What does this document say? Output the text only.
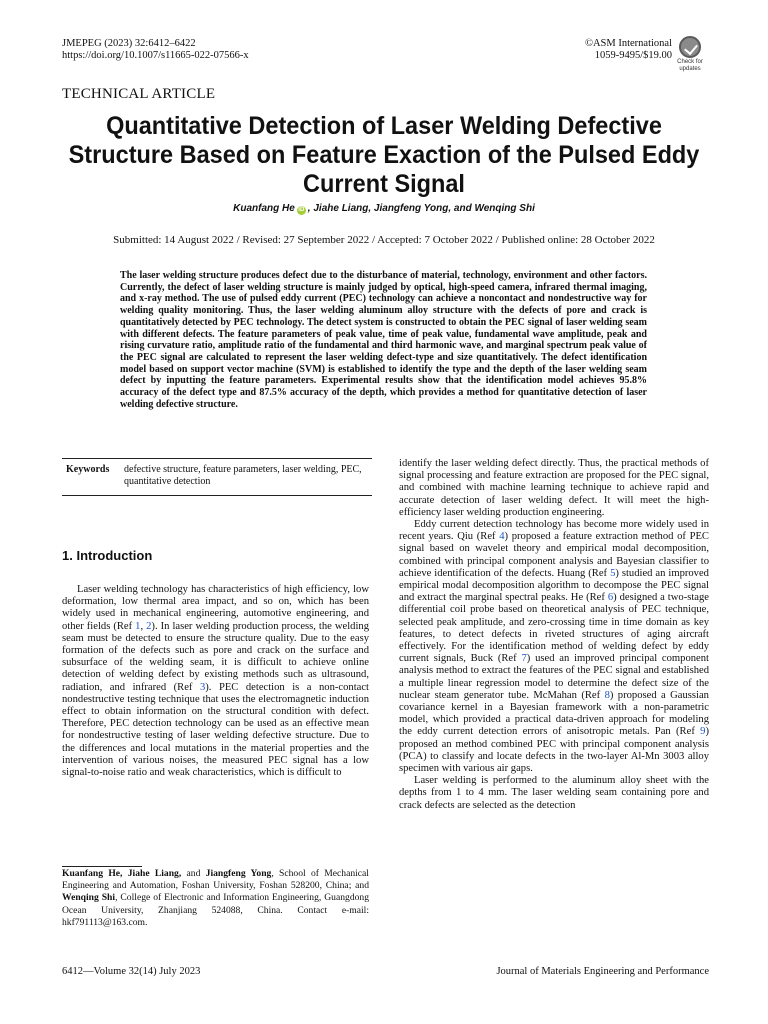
JMEPEG (2023) 32:6412–6422
https://doi.org/10.1007/s11665-022-07566-x
©ASM International
1059-9495/$19.00
Check for
updates
TECHNICAL ARTICLE
Quantitative Detection of Laser Welding Defective Structure Based on Feature Exaction of the Pulsed Eddy Current Signal
Kuanfang He iD , Jiahe Liang, Jiangfeng Yong, and Wenqing Shi
Submitted: 14 August 2022 / Revised: 27 September 2022 / Accepted: 7 October 2022 / Published online: 28 October 2022
The laser welding structure produces defect due to the disturbance of material, technology, environment and other factors. Currently, the defect of laser welding structure is mainly judged by optical, high-speed camera, infrared thermal imaging, and x-ray method. The use of pulsed eddy current (PEC) technology can achieve a noncontact and nondestructive way for welding quality monitoring. Thus, the laser welding aluminum alloy structure with the defects of pore and crack is quantitatively detected by PEC technology. The detect system is constructed to obtain the PEC signal of laser welding seam with different defects. The feature parameters of peak value, time of peak value, fundamental wave amplitude, peak and rising curvature ratio, amplitude ratio of the fundamental and third harmonic wave, and marginal spectrum peak value of the PEC signal are calculated to represent the laser welding defect-type and size quantitatively. The defect identification model based on support vector machine (SVM) is established to identify the type and the depth of the laser welding seam defect by inputting the feature parameters. Experimental results show that the identification model achieves 95.8% accuracy of the defect type and 87.5% accuracy of the depth, which provides a method for quantitative detection of laser welding defective structure.
Keywords defective structure, feature parameters, laser welding, PEC, quantitative detection
1. Introduction

Laser welding technology has characteristics of high efficiency, low deformation, low thermal area impact, and so on, which has been widely used in mechanical engineering, automotive engineering, and other fields (Ref 1, 2). In laser welding production process, the welding seam must be detected to ensure the structure quality. Due to the easy formation of the defects such as pore and crack on the surface and subsurface of the welding seam, it is difficult to achieve online detection of welding defect by existing methods such as ultrasound, radiation, and infrared (Ref 3). PEC detection is a non-contact nondestructive testing technique that uses the electromagnetic induction effect to obtain information on the structural condition with defect. Therefore, PEC detection technology can be used as an effective mean for nondestructive testing of laser welding defective structure. Due to the differences and local mutations in the material properties and the intervention of various noises, the measured PEC signal has a low signal-to-noise ratio and weak characteristics, which is difficult to

Kuanfang He, Jiahe Liang, and Jiangfeng Yong, School of Mechanical Engineering and Automation, Foshan University, Foshan 528200, China; and Wenqing Shi, College of Electronic and Information Engineering, Guangdong Ocean University, Zhanjiang 524088, China. Contact e-mail: hkf791113@163.com.

identify the laser welding defect directly. Thus, the practical methods of signal processing and feature extraction are proposed for the PEC signal, and combined with machine learning technique to achieve rapid and accurate detection of laser welding defect. It will meet the high-efficiency laser welding production engineering.

Eddy current detection technology has become more widely used in recent years. Qiu (Ref 4) proposed a feature extraction method of PEC signal based on wavelet theory and empirical modal decomposition, combined with principal component analysis and Bayesian classifier to achieve identification of the defects. Huang (Ref 5) studied an improved empirical modal decomposition algorithm to decompose the PEC signal and extract the marginal spectral peaks. He (Ref 6) designed a two-stage differential coil probe based on theoretical analysis of PEC technique, selected peak amplitude, and zero-crossing time in time domain as key features, to detect defects in riveted structures of aging aircraft effectively. For the identification method of welding defect by eddy current signals, Buck (Ref 7) used an improved principal component analysis method to extract the features of the PEC signal and established a multiple linear regression model to determine the defect size of the nuclear steam generator tube. McMahan (Ref 8) proposed a Gaussian covariance kernel in a Bayesian framework with a non-parametric model, which provided a practical data-driven approach for modeling the eddy current detection errors of anisotropic metals. Pan (Ref 9) proposed an method combined PEC with principal component analysis (PCA) to classify and locate defects in the two-layer Al-Mn 3003 alloy specimen with various air gaps.

Laser welding is performed to the aluminum alloy sheet with the depths from 1 to 4 mm. The laser welding seam containing pore and crack defects are selected as the detection

6412—Volume 32(14) July 2023	Journal of Materials Engineering and Performance
